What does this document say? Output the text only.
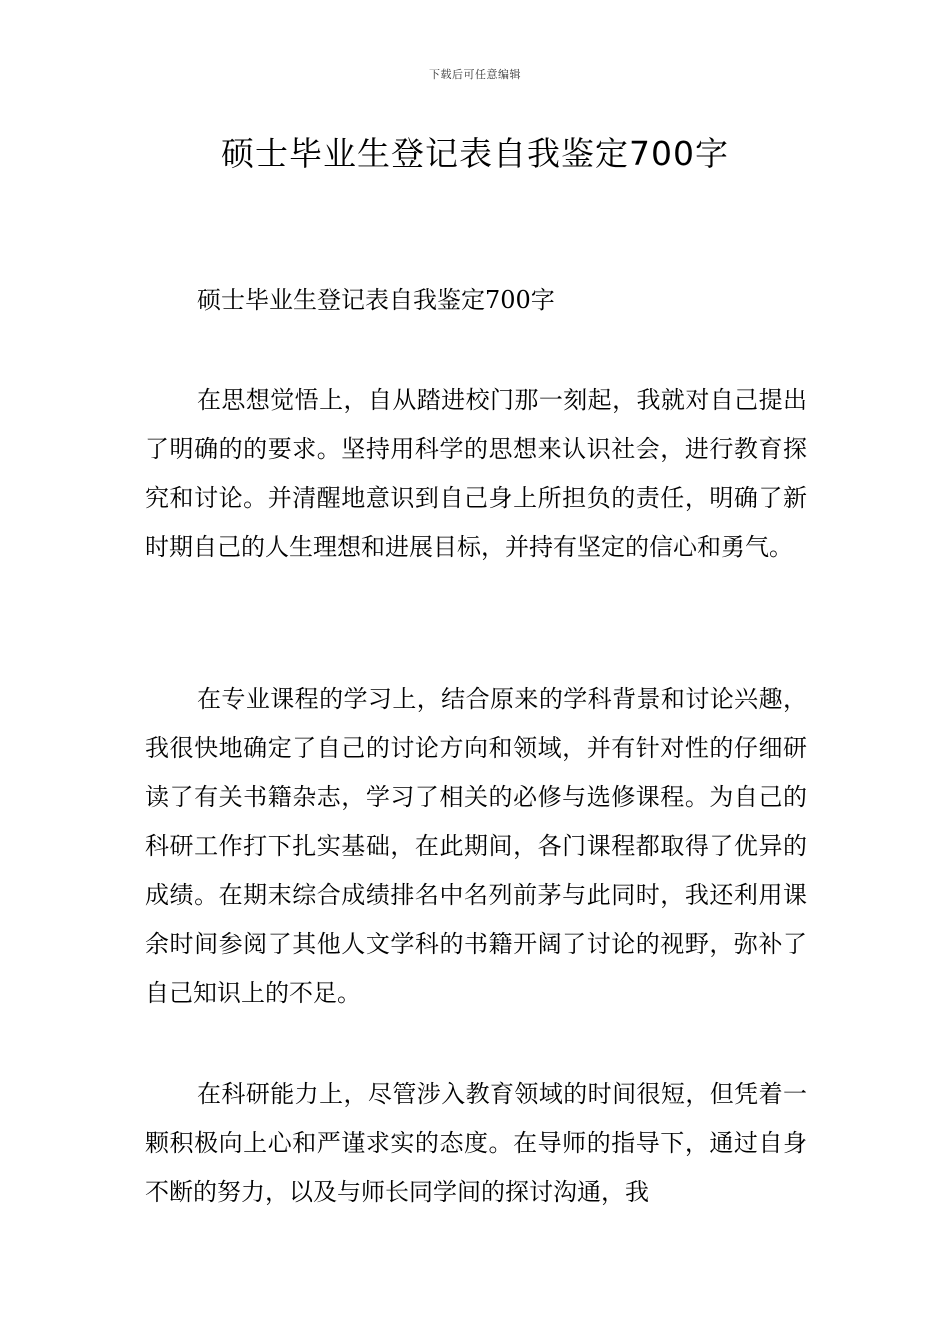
下载后可任意编辑
硕士毕业生登记表自我鉴定700字
硕士毕业生登记表自我鉴定700字

在思想觉悟上，自从踏进校门那一刻起，我就对自己提出了明确的的要求。坚持用科学的思想来认识社会，进行教育探究和讨论。并清醒地意识到自己身上所担负的责任，明确了新时期自己的人生理想和进展目标，并持有坚定的信心和勇气。

在专业课程的学习上，结合原来的学科背景和讨论兴趣，我很快地确定了自己的讨论方向和领域，并有针对性的仔细研读了有关书籍杂志，学习了相关的必修与选修课程。为自己的科研工作打下扎实基础，在此期间，各门课程都取得了优异的成绩。在期末综合成绩排名中名列前茅与此同时，我还利用课余时间参阅了其他人文学科的书籍开阔了讨论的视野，弥补了自己知识上的不足。

在科研能力上，尽管涉入教育领域的时间很短，但凭着一颗积极向上心和严谨求实的态度。在导师的指导下，通过自身不断的努力，以及与师长同学间的探讨沟通，我
